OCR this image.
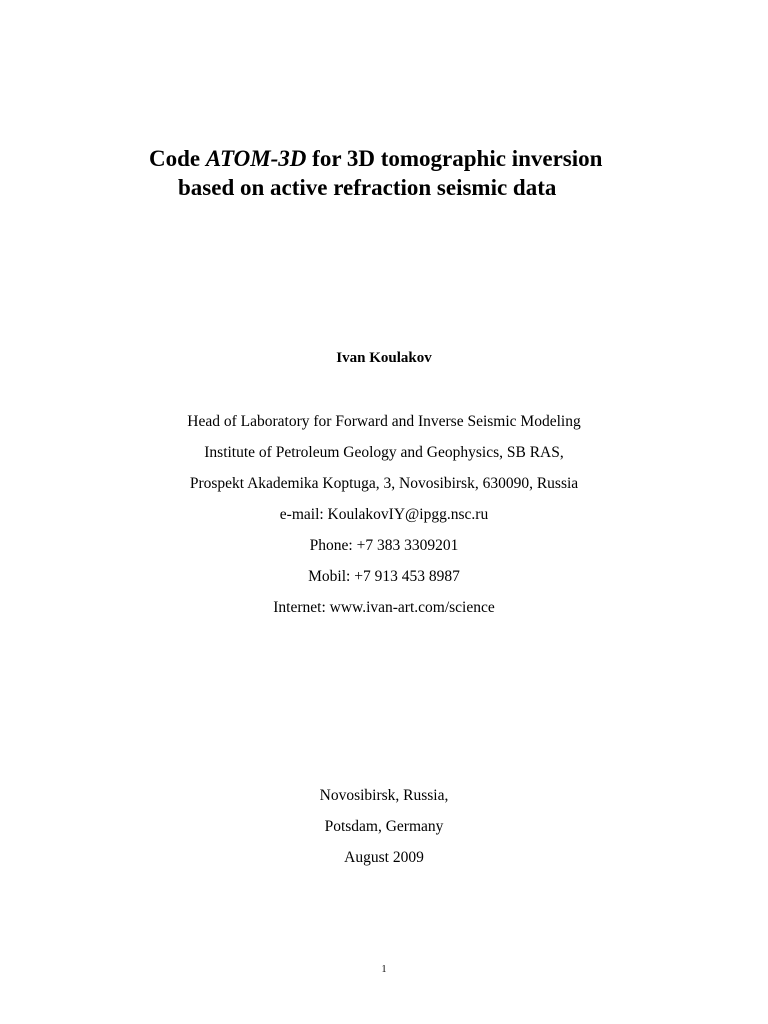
Code ATOM-3D for 3D tomographic inversion
based on active refraction seismic data
Ivan Koulakov
Head of Laboratory for Forward and Inverse Seismic Modeling
Institute of Petroleum Geology and Geophysics, SB RAS,
Prospekt Akademika Koptuga, 3, Novosibirsk, 630090, Russia
e-mail: KoulakovIY@ipgg.nsc.ru
Phone: +7 383 3309201
Mobil: +7 913 453 8987
Internet: www.ivan-art.com/science
Novosibirsk, Russia,
Potsdam, Germany
August 2009
1
